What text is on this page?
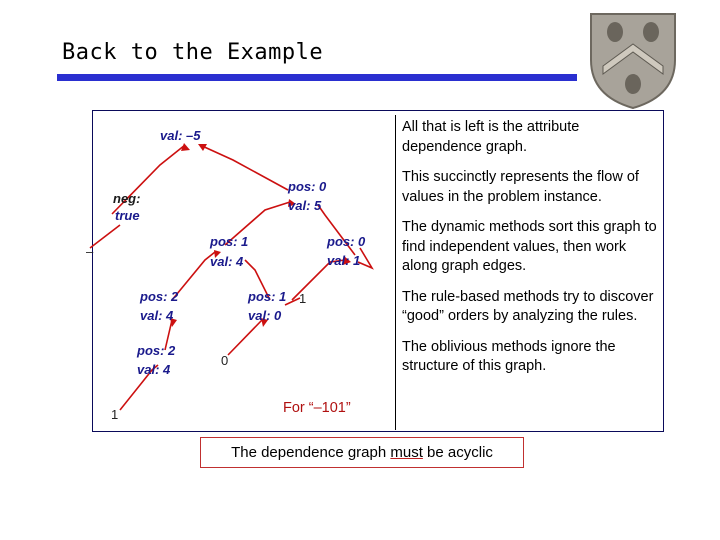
Back to the Example
val: –5
neg:
true
–
pos: 0
val: 5
pos: 1
val: 4
pos: 0
val: 1
pos: 2
val: 4
pos: 1
val: 0
1
pos: 2
val: 4
0
1

All that is left is the attribute dependence graph.

This succinctly represents the flow of values in the problem instance.

The dynamic methods sort this graph to find independent values, then work along graph edges.

The rule-based methods try to discover “good” orders by analyzing the rules.

The oblivious methods ignore the structure of this graph.

For “–101”
The dependence graph must be acyclic
